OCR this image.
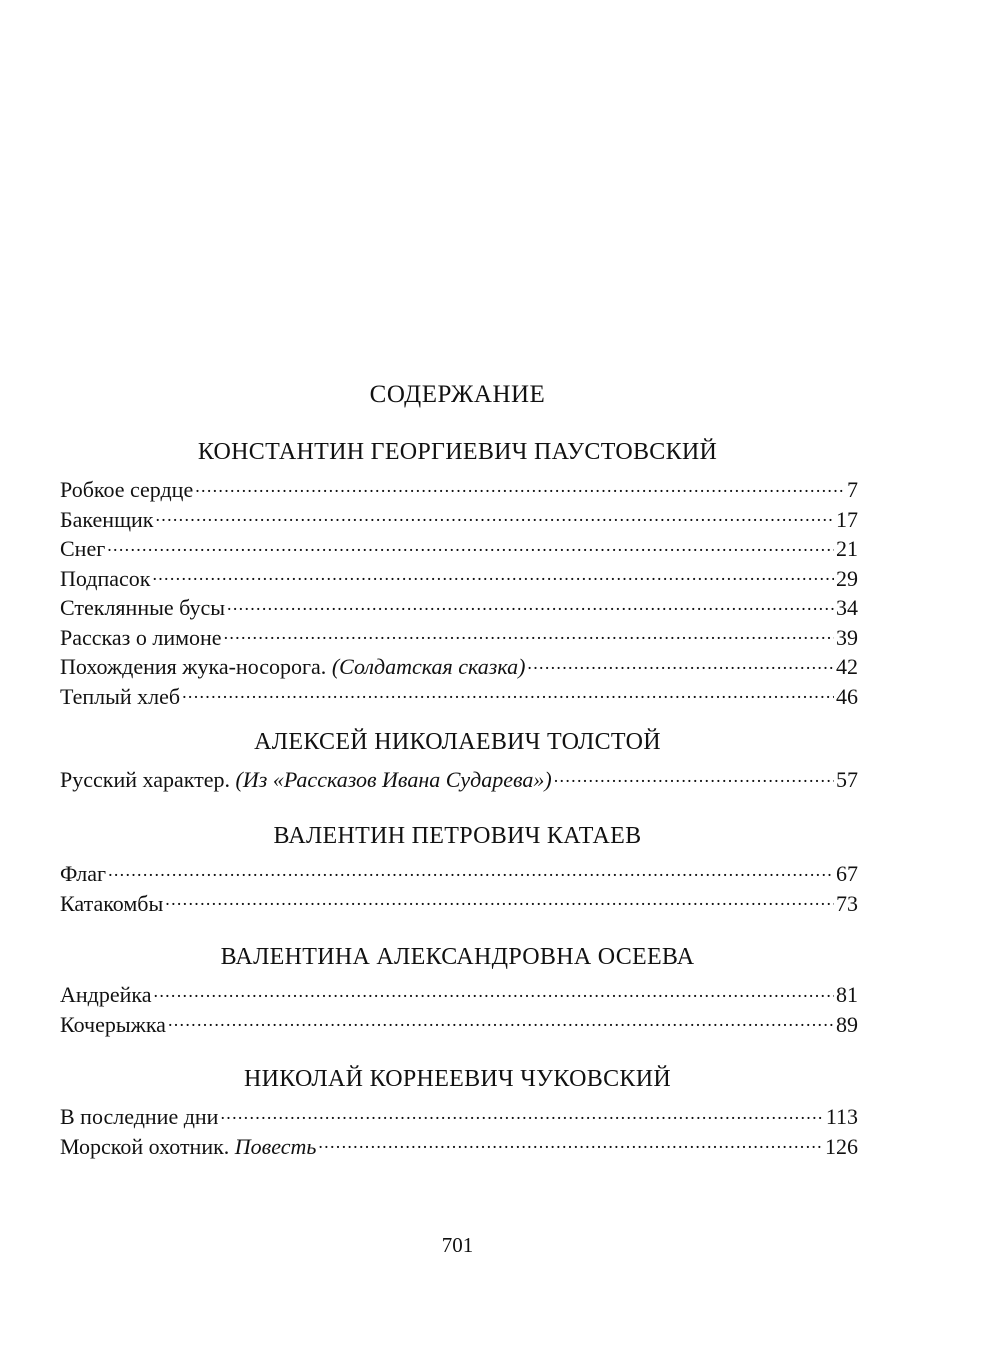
СОДЕРЖАНИЕ
КОНСТАНТИН ГЕОРГИЕВИЧ ПАУСТОВСКИЙ
Робкое сердце .....	7
Бакенщик .....	17
Снег .....	21
Подпасок .....	29
Стеклянные бусы .....	34
Рассказ о лимоне .....	39
Похождения жука-носорога. (Солдатская сказка) .....	42
Теплый хлеб .....	46
АЛЕКСЕЙ НИКОЛАЕВИЧ ТОЛСТОЙ
Русский характер. (Из «Рассказов Ивана Сударева») .....	57
ВАЛЕНТИН ПЕТРОВИЧ КАТАЕВ
Флаг .....	67
Катакомбы .....	73
ВАЛЕНТИНА АЛЕКСАНДРОВНА ОСЕЕВА
Андрейка .....	81
Кочерыжка .....	89
НИКОЛАЙ КОРНЕЕВИЧ ЧУКОВСКИЙ
В последние дни .....	113
Морской охотник. Повесть .....	126
701
